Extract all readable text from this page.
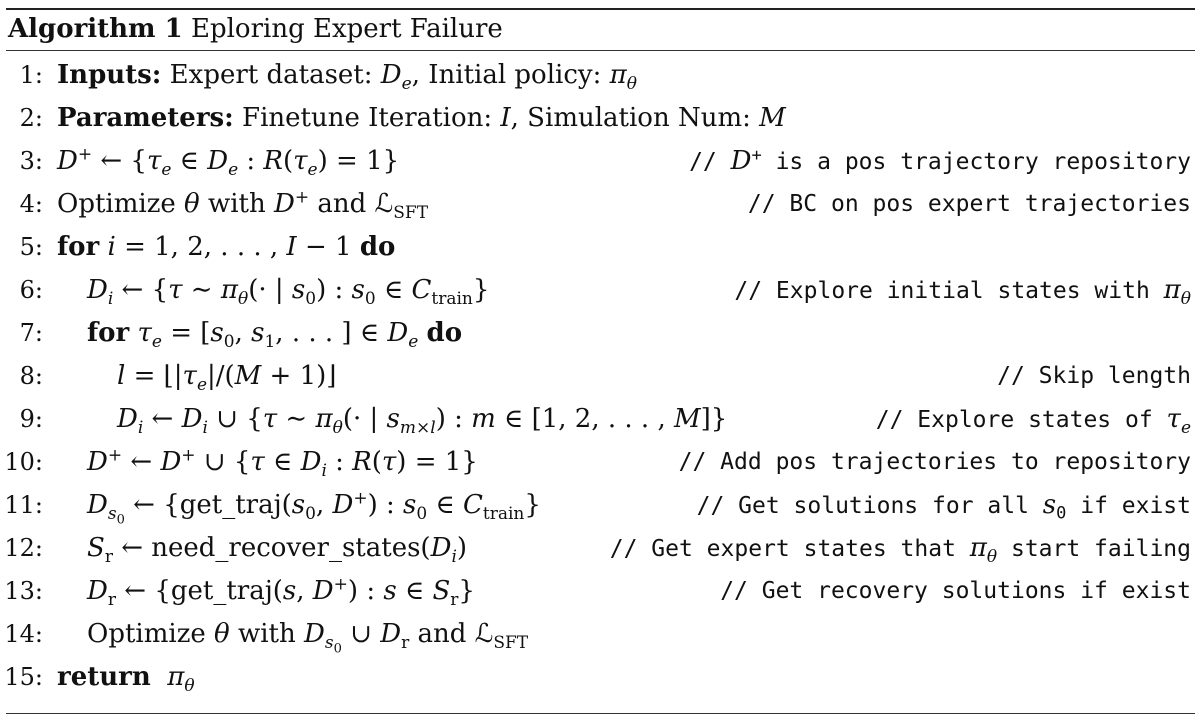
Algorithm 1 Eploring Expert Failure
1: Inputs: Expert dataset: $D_e$, Initial policy: $\pi_\theta$
2: Parameters: Finetune Iteration: I, Simulation Num: M
3: D+ ← {$\tau_e$ ∈ $D_e$ : $R(\tau_e) = 1$}	// D+ is a pos trajectory repository
4: Optimize θ with D+ and ℒ$_{SFT}$	// BC on pos expert trajectories
5: for i = 1, 2, . . . , I − 1 do
6: $D_i$ ← {τ ∼ $\pi_\theta(\cdot$ | $s_0$) : $s_0$ ∈ $C_{train}$}	// Explore initial states with $\pi_\theta$
7: for $\tau_e = [s_0$, $s_1$, . . . ] ∈ $D_e$ do
8:	$l = ⌊|\tau_e|/(M$ + 1)⌋	// Skip length
9:	$D_i$ ← $D_i$ ∪ {τ ∼ $\pi_\theta(\cdot$ | $s_{m\times l}$) : m ∈ [1, 2, . . . , M]}	// Explore states of $\tau_e$
10: D+ ← D+ ∪ {τ ∈ $D_i$ : R(τ) = 1}	// Add pos trajectories to repository
11: $D_{s_0}$ ← {$get\_traj(s_0$, D+) : $s_0$ ∈ $C_{train}$}	// Get solutions for all $s_0$ if exist
12: $S_r$ ← $need\_recover\_states(D_i)$	// Get expert states that $\pi_\theta$ start failing
13: $D_r$ ← {get_traj(s, D+) : s ∈ $S_r$}	// Get recovery solutions if exist
14: Optimize θ with $D_{s_0}$ ∪ $D_r$ and ℒ$_{SFT}$
15: return $\pi_\theta$
